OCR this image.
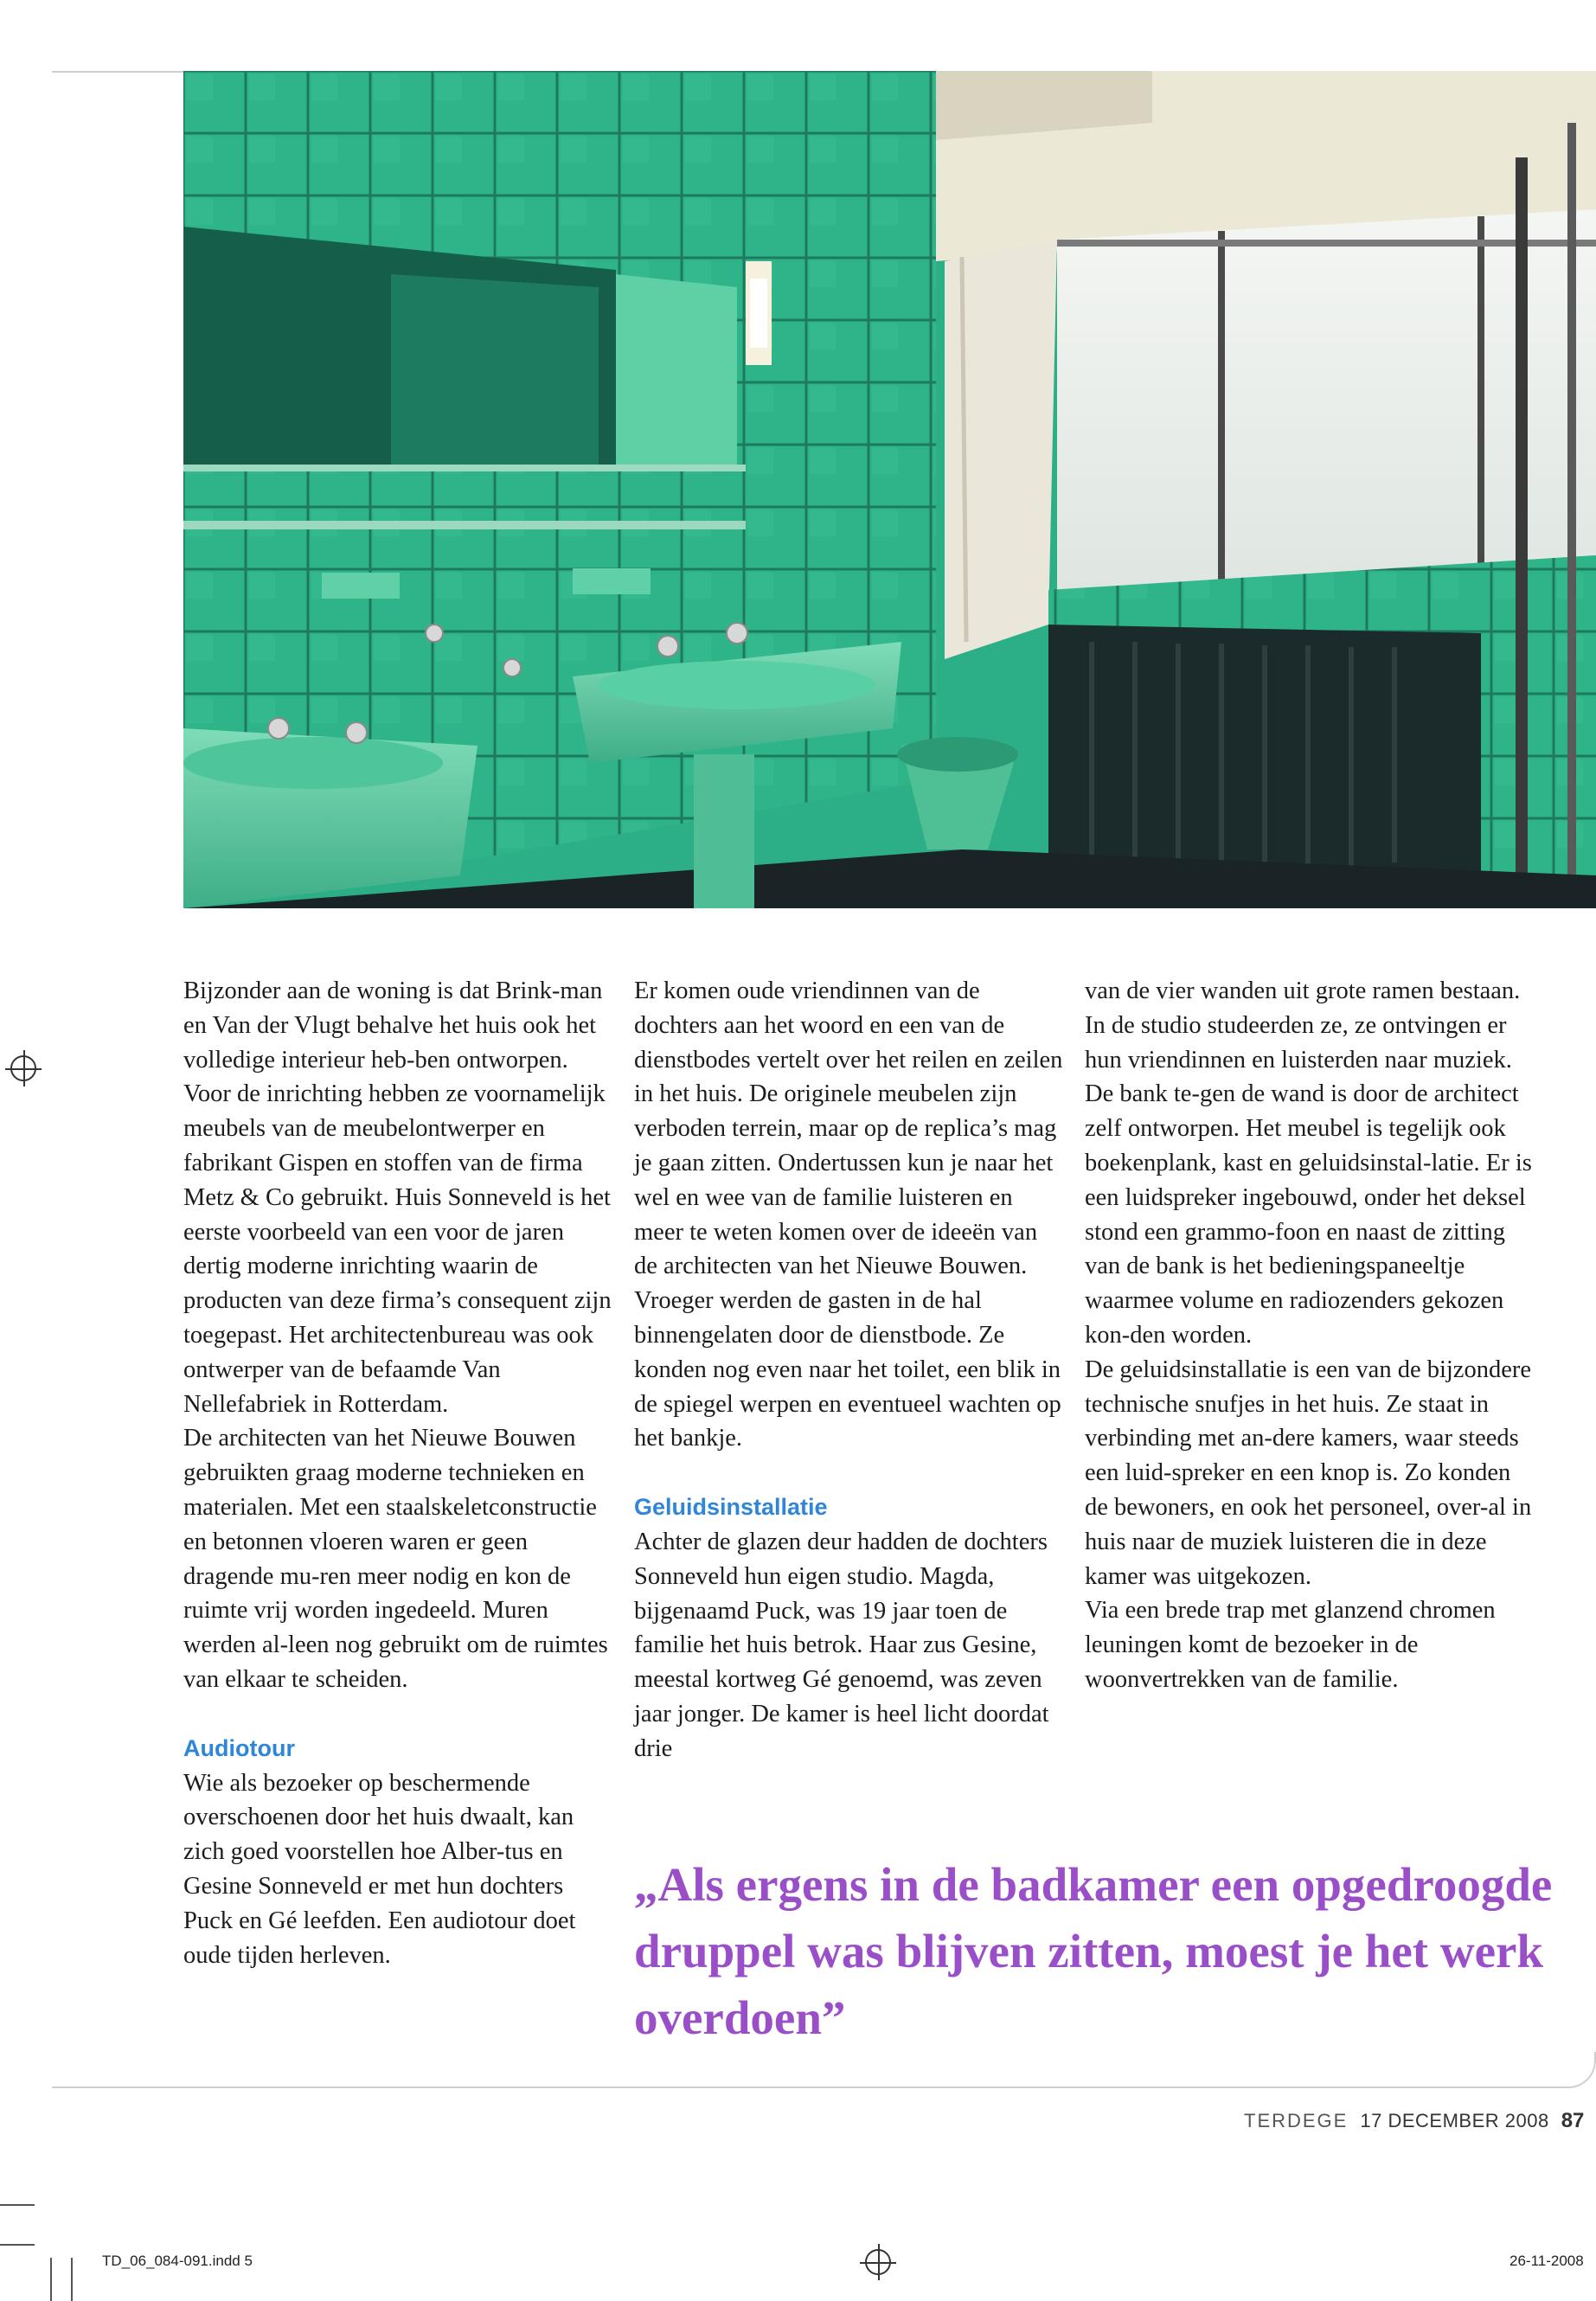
Bijzonder aan de woning is dat Brink-man en Van der Vlugt behalve het huis ook het volledige interieur heb-ben ontworpen. Voor de inrichting hebben ze voornamelijk meubels van de meubelontwerper en fabrikant Gispen en stoffen van de firma Metz & Co gebruikt. Huis Sonneveld is het eerste voorbeeld van een voor de jaren dertig moderne inrichting waarin de producten van deze firma’s consequent zijn toegepast. Het architectenbureau was ook ontwerper van de befaamde Van Nellefabriek in Rotterdam.

De architecten van het Nieuwe Bouwen gebruikten graag moderne technieken en materialen. Met een staalskeletconstructie en betonnen vloeren waren er geen dragende mu-ren meer nodig en kon de ruimte vrij worden ingedeeld. Muren werden al-leen nog gebruikt om de ruimtes van elkaar te scheiden.

Audiotour

Wie als bezoeker op beschermende overschoenen door het huis dwaalt, kan zich goed voorstellen hoe Alber-tus en Gesine Sonneveld er met hun dochters Puck en Gé leefden. Een audiotour doet oude tijden herleven.

Er komen oude vriendinnen van de dochters aan het woord en een van de dienstbodes vertelt over het reilen en zeilen in het huis. De originele meubelen zijn verboden terrein, maar op de replica’s mag je gaan zitten. Ondertussen kun je naar het wel en wee van de familie luisteren en meer te weten komen over de ideeën van de architecten van het Nieuwe Bouwen. Vroeger werden de gasten in de hal binnengelaten door de dienstbode. Ze konden nog even naar het toilet, een blik in de spiegel werpen en eventueel wachten op het bankje.

Geluidsinstallatie

Achter de glazen deur hadden de dochters Sonneveld hun eigen studio. Magda, bijgenaamd Puck, was 19 jaar toen de familie het huis betrok. Haar zus Gesine, meestal kortweg Gé genoemd, was zeven jaar jonger. De kamer is heel licht doordat drie

van de vier wanden uit grote ramen bestaan. In de studio studeerden ze, ze ontvingen er hun vriendinnen en luisterden naar muziek. De bank te-gen de wand is door de architect zelf ontworpen. Het meubel is tegelijk ook boekenplank, kast en geluidsinstal-latie. Er is een luidspreker ingebouwd, onder het deksel stond een grammo-foon en naast de zitting van de bank is het bedieningspaneeltje waarmee volume en radiozenders gekozen kon-den worden.

De geluidsinstallatie is een van de bijzondere technische snufjes in het huis. Ze staat in verbinding met an-dere kamers, waar steeds een luid-spreker en een knop is. Zo konden de bewoners, en ook het personeel, over-al in huis naar de muziek luisteren die in deze kamer was uitgekozen.

Via een brede trap met glanzend chromen leuningen komt de bezoeker in de woonvertrekken van de familie.

„Als ergens in de badkamer een opgedroogde druppel was blijven zitten, moest je het werk overdoen”
TERDEGE 17 DECEMBER 2008 87
TD_06_084-091.indd 5	26-11-2008
